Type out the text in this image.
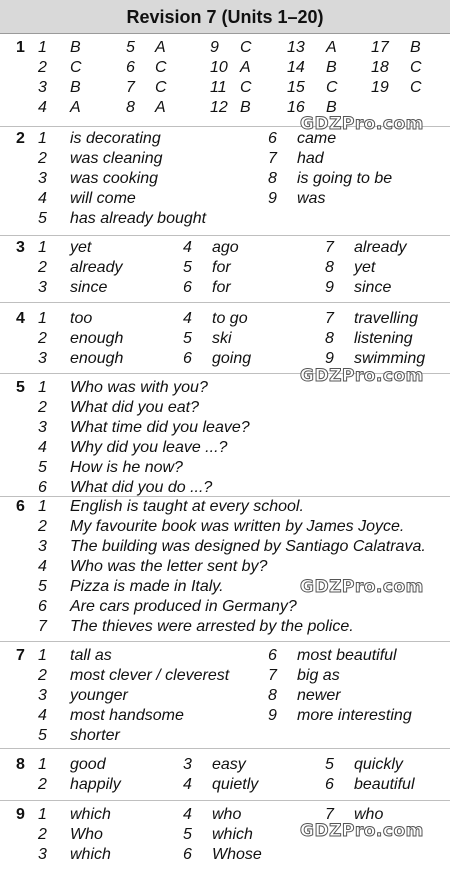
Revision 7 (Units 1–20)
1 1 B
2 C
3 B
4 A
5 A
6 C
7 C
8 A
9 C
10 A
11 C
12 B
13 A
14 B
15 C
16 B
17 B
18 C
19 C
2 1 is decorating
2 was cleaning
3 was cooking
4 will come
5 has already bought
6 came
7 had
8 is going to be
9 was
3 1 yet
2 already
3 since
4 ago
5 for
6 for
7 already
8 yet
9 since
4 1 too
2 enough
3 enough
4 to go
5 ski
6 going
7 travelling
8 listening
9 swimming
5 1 Who was with you?
2 What did you eat?
3 What time did you leave?
4 Why did you leave ...?
5 How is he now?
6 What did you do ...?
6 1 English is taught at every school.
2 My favourite book was written by James Joyce.
3 The building was designed by Santiago Calatrava.
4 Who was the letter sent by?
5 Pizza is made in Italy.
6 Are cars produced in Germany?
7 The thieves were arrested by the police.
7 1 tall as
2 most clever / cleverest
3 younger
4 most handsome
5 shorter
6 most beautiful
7 big as
8 newer
9 more interesting
8 1 good
2 happily
3 easy
4 quietly
5 quickly
6 beautiful
9 1 which
2 Who
3 which
4 who
5 which
6 Whose
7 who
GDZPro.com
GDZPro.com
GDZPro.com
GDZPro.com
